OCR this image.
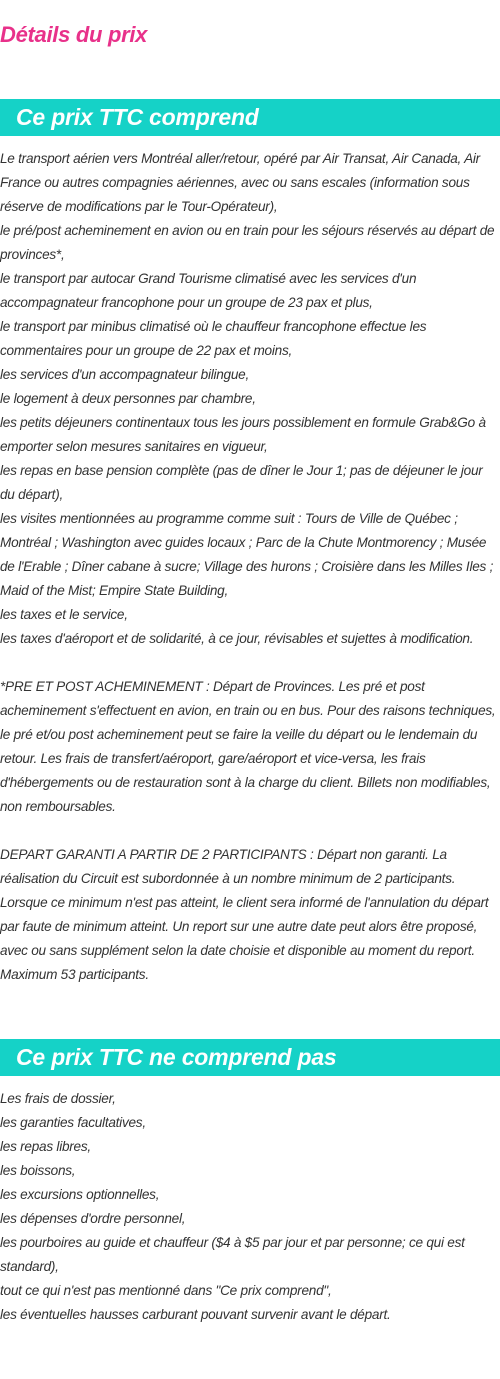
Détails du prix
Ce prix TTC comprend

Le transport aérien vers Montréal aller/retour, opéré par Air Transat, Air Canada, Air France ou autres compagnies aériennes, avec ou sans escales (information sous réserve de modifications par le Tour-Opérateur),

le pré/post acheminement en avion ou en train pour les séjours réservés au départ de provinces*,

le transport par autocar Grand Tourisme climatisé avec les services d'un accompagnateur francophone pour un groupe de 23 pax et plus,

le transport par minibus climatisé où le chauffeur francophone effectue les commentaires pour un groupe de 22 pax et moins,

les services d'un accompagnateur bilingue,

le logement à deux personnes par chambre,

les petits déjeuners continentaux tous les jours possiblement en formule Grab&Go à emporter selon mesures sanitaires en vigueur,

les repas en base pension complète (pas de dîner le Jour 1; pas de déjeuner le jour du départ),

les visites mentionnées au programme comme suit : Tours de Ville de Québec ; Montréal ; Washington avec guides locaux ; Parc de la Chute Montmorency ; Musée de l'Erable ; Dîner cabane à sucre; Village des hurons ; Croisière dans les Milles Iles ; Maid of the Mist; Empire State Building,

les taxes et le service,

les taxes d'aéroport et de solidarité, à ce jour, révisables et sujettes à modification.

*PRE ET POST ACHEMINEMENT : Départ de Provinces. Les pré et post acheminement s'effectuent en avion, en train ou en bus. Pour des raisons techniques, le pré et/ou post acheminement peut se faire la veille du départ ou le lendemain du retour. Les frais de transfert/aéroport, gare/aéroport et vice-versa, les frais d'hébergements ou de restauration sont à la charge du client. Billets non modifiables, non remboursables.

DEPART GARANTI A PARTIR DE 2 PARTICIPANTS : Départ non garanti. La réalisation du Circuit est subordonnée à un nombre minimum de 2 participants. Lorsque ce minimum n'est pas atteint, le client sera informé de l'annulation du départ par faute de minimum atteint. Un report sur une autre date peut alors être proposé, avec ou sans supplément selon la date choisie et disponible au moment du report. Maximum 53 participants.

Ce prix TTC ne comprend pas

Les frais de dossier,

les garanties facultatives,

les repas libres,

les boissons,

les excursions optionnelles,

les dépenses d'ordre personnel,

les pourboires au guide et chauffeur ($4 à $5 par jour et par personne; ce qui est standard),

tout ce qui n'est pas mentionné dans "Ce prix comprend",

les éventuelles hausses carburant pouvant survenir avant le départ.
